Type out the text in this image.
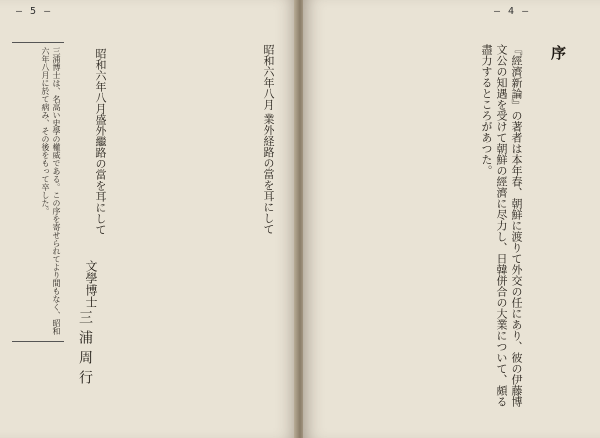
— 5 —
三浦博士は、名高い史學の權威である。この序を寄せられてより間もなく、昭和六年八月に於て病み、その後をもって卒した。
文學博士
三浦周行
昭和六年八月盛外繼路の當を耳にして	昭和六年八月 業外経路の當を耳にして
— 4 —
序
『經濟新論』の著者は本年春、朝鮮に渡りて外交の任にあり、彼の伊藤博文公の知遇を受けて朝鮮の經濟に尽力し、日韓併合の大業について、頗る盡力するところがあつた。
